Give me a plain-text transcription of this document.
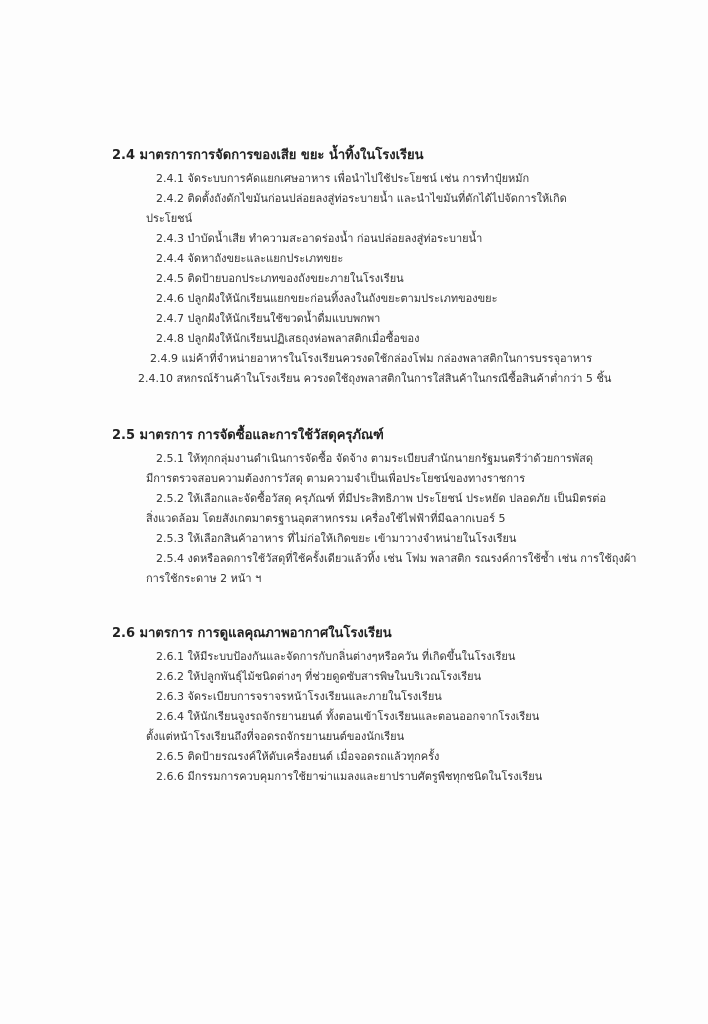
2.4 มาตรการการจัดการของเสีย ขยะ น้ำทิ้งในโรงเรียน
2.4.1 จัดระบบการคัดแยกเศษอาหาร เพื่อนำไปใช้ประโยชน์ เช่น การทำปุ๋ยหมัก
2.4.2 ติดตั้งถังดักไขมันก่อนปล่อยลงสู่ท่อระบายน้ำ และนำไขมันที่ดักได้ไปจัดการให้เกิด
ประโยชน์
2.4.3 บำบัดน้ำเสีย ทำความสะอาดร่องน้ำ ก่อนปล่อยลงสู่ท่อระบายน้ำ
2.4.4 จัดหาถังขยะและแยกประเภทขยะ
2.4.5 ติดป้ายบอกประเภทของถังขยะภายในโรงเรียน
2.4.6 ปลูกฝังให้นักเรียนแยกขยะก่อนทิ้งลงในถังขยะตามประเภทของขยะ
2.4.7 ปลูกฝังให้นักเรียนใช้ขวดน้ำดื่มแบบพกพา
2.4.8 ปลูกฝังให้นักเรียนปฏิเสธถุงห่อพลาสติกเมื่อซื้อของ
2.4.9 แม่ค้าที่จำหน่ายอาหารในโรงเรียนควรงดใช้กล่องโฟม กล่องพลาสติกในการบรรจุอาหาร
2.4.10 สหกรณ์ร้านค้าในโรงเรียน ควรงดใช้ถุงพลาสติกในการใส่สินค้าในกรณีซื้อสินค้าต่ำกว่า 5 ชิ้น
2.5 มาตรการ การจัดซื้อและการใช้วัสดุครุภัณฑ์
2.5.1 ให้ทุกกลุ่มงานดำเนินการจัดซื้อ จัดจ้าง ตามระเบียบสำนักนายกรัฐมนตรีว่าด้วยการพัสดุ
มีการตรวจสอบความต้องการวัสดุ ตามความจำเป็นเพื่อประโยชน์ของทางราชการ
2.5.2 ให้เลือกและจัดซื้อวัสดุ ครุภัณฑ์ ที่มีประสิทธิภาพ ประโยชน์ ประหยัด ปลอดภัย เป็นมิตรต่อ
สิ่งแวดล้อม โดยสังเกตมาตรฐานอุตสาหกรรม เครื่องใช้ไฟฟ้าที่มีฉลากเบอร์ 5
2.5.3 ให้เลือกสินค้าอาหาร ที่ไม่ก่อให้เกิดขยะ เข้ามาวางจำหน่ายในโรงเรียน
2.5.4 งดหรือลดการใช้วัสดุที่ใช้ครั้งเดียวแล้วทิ้ง เช่น โฟม พลาสติก รณรงค์การใช้ซ้ำ เช่น การใช้ถุงผ้า
การใช้กระดาษ 2 หน้า ฯ
2.6 มาตรการ การดูแลคุณภาพอากาศในโรงเรียน
2.6.1 ให้มีระบบป้องกันและจัดการกับกลิ่นต่างๆหรือควัน ที่เกิดขึ้นในโรงเรียน
2.6.2 ให้ปลูกพันธุ์ไม้ชนิดต่างๆ ที่ช่วยดูดซับสารพิษในบริเวณโรงเรียน
2.6.3 จัดระเบียบการจราจรหน้าโรงเรียนและภายในโรงเรียน
2.6.4 ให้นักเรียนจูงรถจักรยานยนต์ ทั้งตอนเข้าโรงเรียนและตอนออกจากโรงเรียน
ตั้งแต่หน้าโรงเรียนถึงที่จอดรถจักรยานยนต์ของนักเรียน
2.6.5 ติดป้ายรณรงค์ให้ดับเครื่องยนต์ เมื่อจอดรถแล้วทุกครั้ง
2.6.6 มีกรรมการควบคุมการใช้ยาฆ่าแมลงและยาปราบศัตรูพืชทุกชนิดในโรงเรียน
